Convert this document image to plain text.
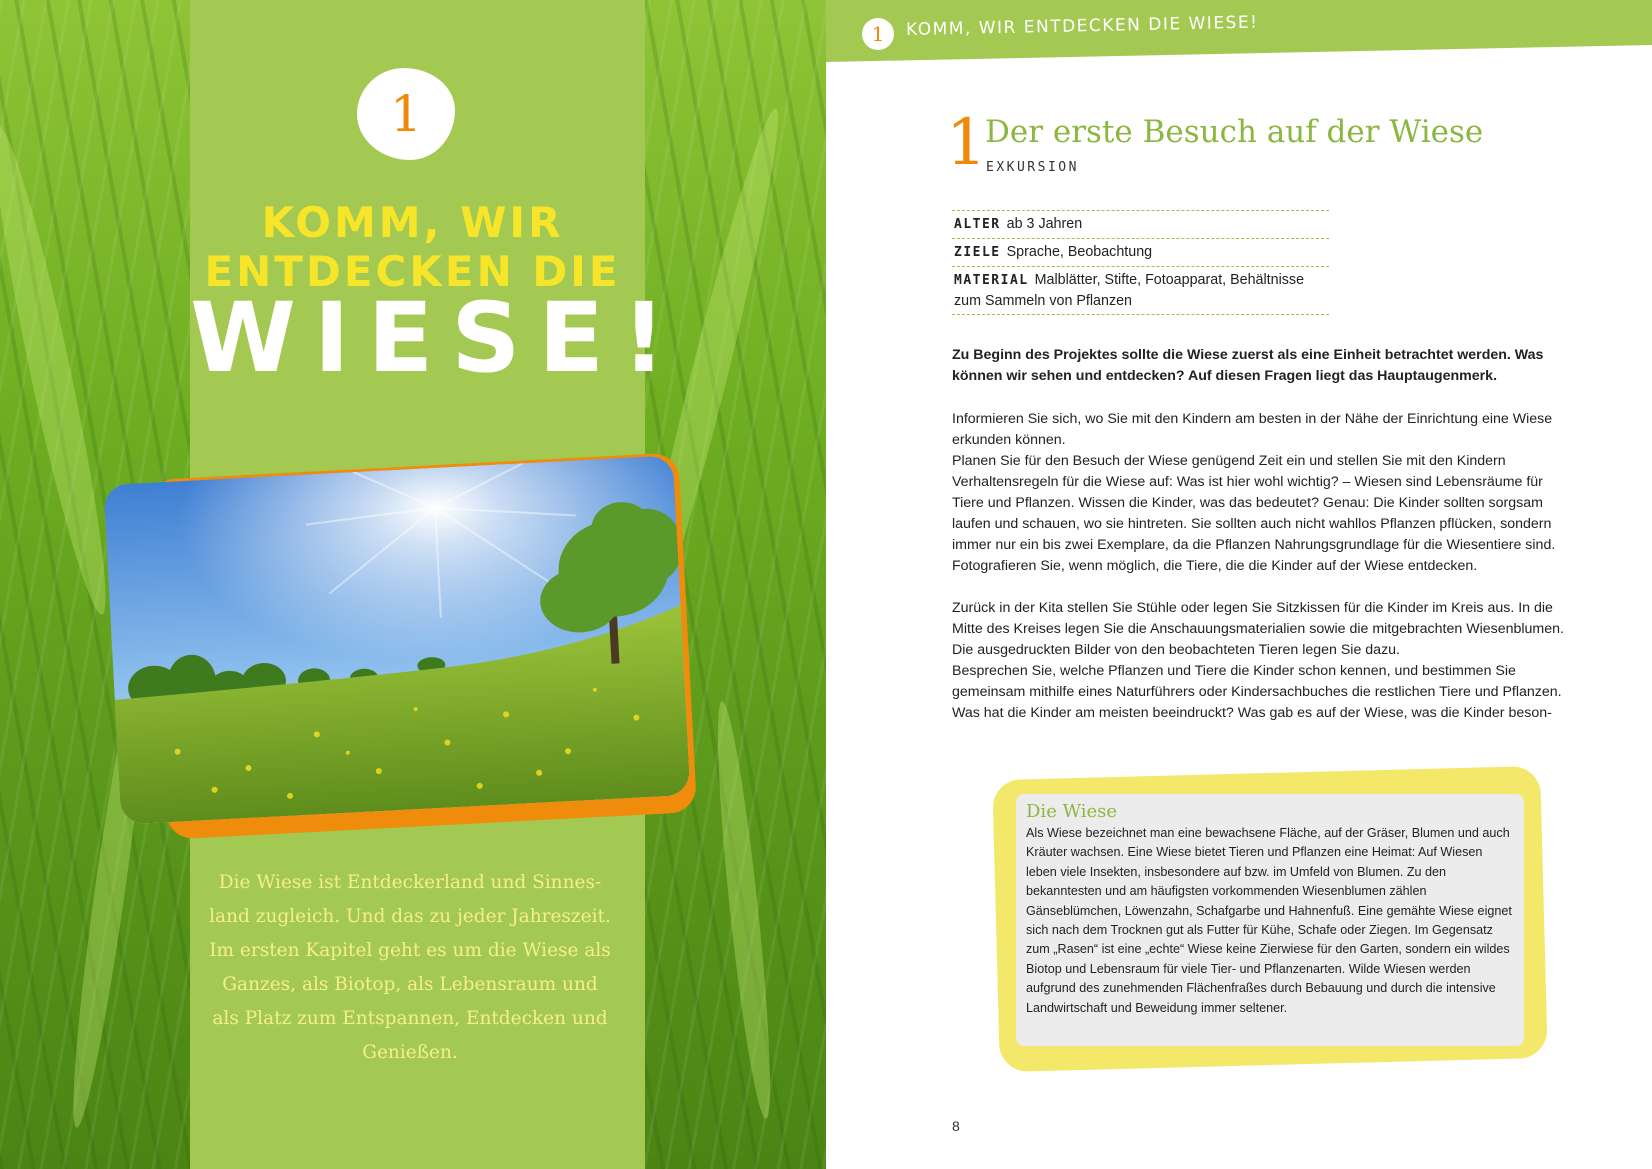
1
KOMM, WIR ENTDECKEN DIE
WIESE!
Die Wiese ist Entdeckerland und Sinnes-
land zugleich. Und das zu jeder Jahreszeit.
Im ersten Kapitel geht es um die Wiese als
Ganzes, als Biotop, als Lebensraum und
als Platz zum Entspannen, Entdecken und
Genießen.
1	KOMM, WIR ENTDECKEN DIE WIESE!
1
Der erste Besuch auf der Wiese
EXKURSION
ALTER ab 3 Jahren
ZIELE Sprache, Beobachtung
MATERIAL Malblätter, Stifte, Fotoapparat, Behältnisse zum Sammeln von Pflanzen
Zu Beginn des Projektes sollte die Wiese zuerst als eine Einheit betrachtet werden. Was können wir sehen und entdecken? Auf diesen Fragen liegt das Hauptaugenmerk.

Informieren Sie sich, wo Sie mit den Kindern am besten in der Nähe der Einrichtung eine Wiese erkunden können.

Planen Sie für den Besuch der Wiese genügend Zeit ein und stellen Sie mit den Kindern Verhaltensregeln für die Wiese auf: Was ist hier wohl wichtig? – Wiesen sind Lebensräume für Tiere und Pflanzen. Wissen die Kinder, was das bedeutet? Genau: Die Kinder sollten sorgsam laufen und schauen, wo sie hintreten. Sie sollten auch nicht wahllos Pflanzen pflücken, sondern immer nur ein bis zwei Exemplare, da die Pflanzen Nahrungsgrundlage für die Wiesentiere sind. Fotografieren Sie, wenn möglich, die Tiere, die die Kinder auf der Wiese entdecken.

Zurück in der Kita stellen Sie Stühle oder legen Sie Sitzkissen für die Kinder im Kreis aus. In die Mitte des Kreises legen Sie die Anschauungsmaterialien sowie die mitgebrachten Wiesenblumen. Die ausgedruckten Bilder von den beobachteten Tieren legen Sie dazu.

Besprechen Sie, welche Pflanzen und Tiere die Kinder schon kennen, und bestimmen Sie gemeinsam mithilfe eines Naturführers oder Kindersachbuches die restlichen Tiere und Pflanzen. Was hat die Kinder am meisten beeindruckt? Was gab es auf der Wiese, was die Kinder beson-

Die Wiese
Als Wiese bezeichnet man eine bewachsene Fläche, auf der Gräser, Blumen und auch Kräuter wachsen. Eine Wiese bietet Tieren und Pflanzen eine Heimat: Auf Wiesen leben viele Insekten, insbesondere auf bzw. im Umfeld von Blumen. Zu den bekanntesten und am häufigsten vorkommenden Wiesenblumen zählen Gänseblümchen, Löwenzahn, Schafgarbe und Hahnenfuß. Eine gemähte Wiese eignet sich nach dem Trocknen gut als Futter für Kühe, Schafe oder Ziegen. Im Gegensatz zum „Rasen“ ist eine „echte“ Wiese keine Zierwiese für den Garten, sondern ein wildes Biotop und Lebensraum für viele Tier- und Pflanzenarten. Wilde Wiesen werden aufgrund des zunehmenden Flächenfraßes durch Bebauung und durch die intensive Landwirtschaft und Beweidung immer seltener.
8
